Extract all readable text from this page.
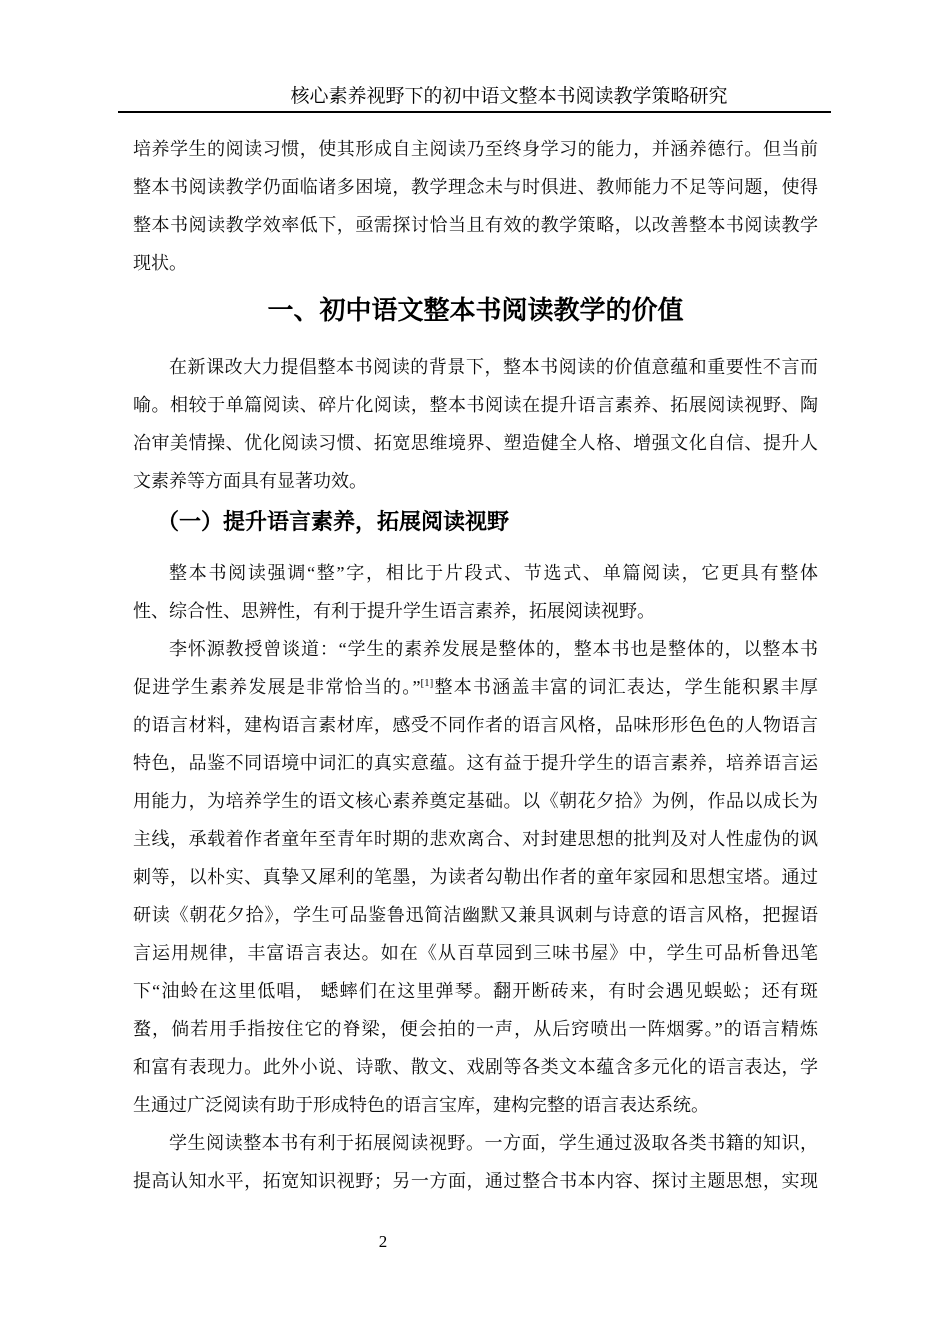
核心素养视野下的初中语文整本书阅读教学策略研究
培养学生的阅读习惯，使其形成自主阅读乃至终身学习的能力，并涵养德行。但当前
整本书阅读教学仍面临诸多困境，教学理念未与时俱进、教师能力不足等问题，使得
整本书阅读教学效率低下，亟需探讨恰当且有效的教学策略，以改善整本书阅读教学
现状。
一、初中语文整本书阅读教学的价值
在新课改大力提倡整本书阅读的背景下，整本书阅读的价值意蕴和重要性不言而
喻。相较于单篇阅读、碎片化阅读，整本书阅读在提升语言素养、拓展阅读视野、陶
冶审美情操、优化阅读习惯、拓宽思维境界、塑造健全人格、增强文化自信、提升人
文素养等方面具有显著功效。
（一）提升语言素养，拓展阅读视野
整本书阅读强调“整”字，相比于片段式、节选式、单篇阅读，它更具有整体
性、综合性、思辨性，有利于提升学生语言素养，拓展阅读视野。
李怀源教授曾谈道：“学生的素养发展是整体的，整本书也是整体的，以整本书
促进学生素养发展是非常恰当的。”[1]整本书涵盖丰富的词汇表达，学生能积累丰厚
的语言材料，建构语言素材库，感受不同作者的语言风格，品味形形色色的人物语言
特色，品鉴不同语境中词汇的真实意蕴。这有益于提升学生的语言素养，培养语言运
用能力，为培养学生的语文核心素养奠定基础。以《朝花夕拾》为例，作品以成长为
主线，承载着作者童年至青年时期的悲欢离合、对封建思想的批判及对人性虚伪的讽
刺等，以朴实、真挚又犀利的笔墨，为读者勾勒出作者的童年家园和思想宝塔。通过
研读《朝花夕拾》，学生可品鉴鲁迅简洁幽默又兼具讽刺与诗意的语言风格，把握语
言运用规律，丰富语言表达。如在《从百草园到三味书屋》中，学生可品析鲁迅笔
下“油蛉在这里低唱， 蟋蟀们在这里弹琴。翻开断砖来，有时会遇见蜈蚣；还有斑
蝥，倘若用手指按住它的脊梁，便会拍的一声，从后窍喷出一阵烟雾。”的语言精炼
和富有表现力。此外小说、诗歌、散文、戏剧等各类文本蕴含多元化的语言表达，学
生通过广泛阅读有助于形成特色的语言宝库，建构完整的语言表达系统。
学生阅读整本书有利于拓展阅读视野。一方面，学生通过汲取各类书籍的知识，
提高认知水平，拓宽知识视野；另一方面，通过整合书本内容、探讨主题思想，实现
2
